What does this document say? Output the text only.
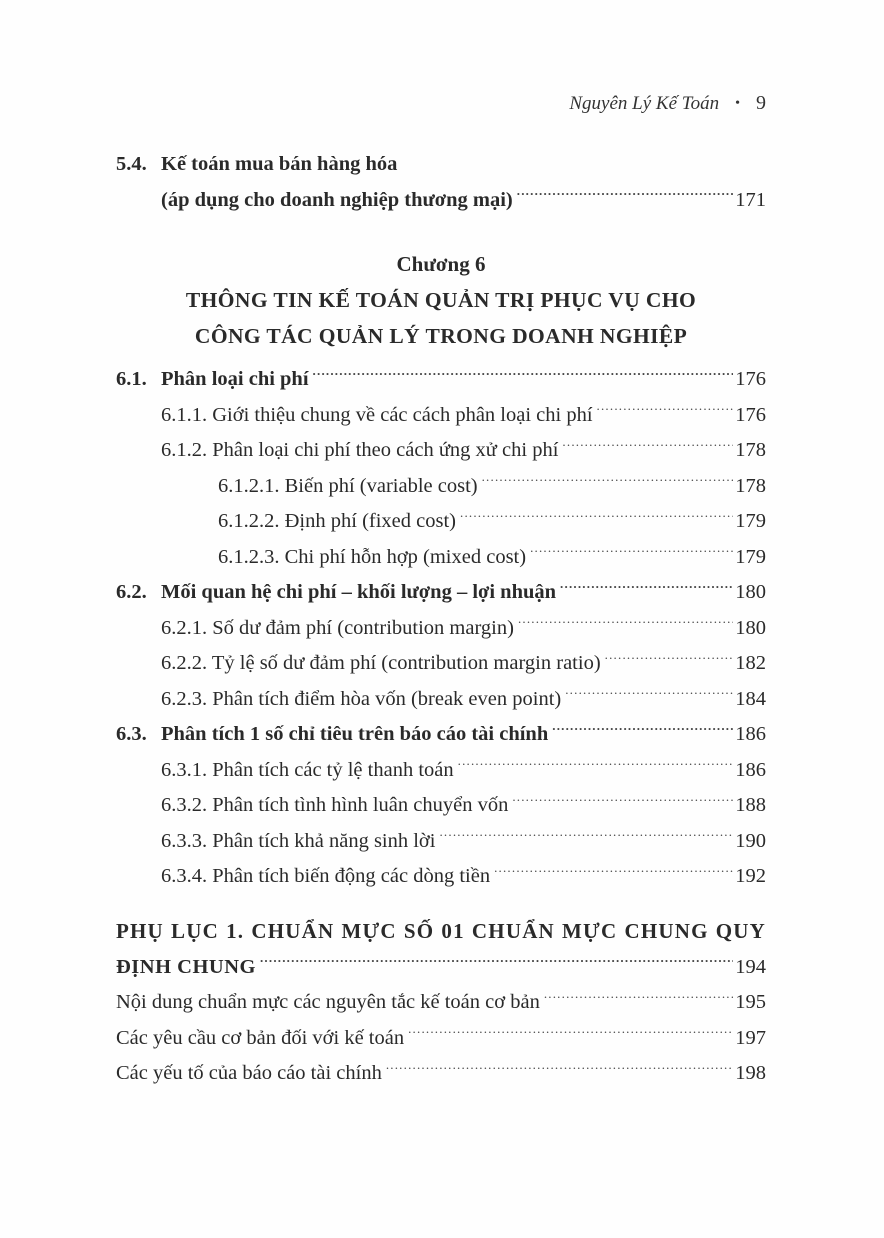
Nguyên Lý Kế Toán • 9
5.4. Kế toán mua bán hàng hóa
(áp dụng cho doanh nghiệp thương mại) .....	171
Chương 6
THÔNG TIN KẾ TOÁN QUẢN TRỊ PHỤC VỤ CHO
CÔNG TÁC QUẢN LÝ TRONG DOANH NGHIỆP
6.1. Phân loại chi phí .....	176
6.1.1. Giới thiệu chung về các cách phân loại chi phí .....	176
6.1.2. Phân loại chi phí theo cách ứng xử chi phí .....	178
6.1.2.1. Biến phí (variable cost) .....	178
6.1.2.2. Định phí (fixed cost) .....	179
6.1.2.3. Chi phí hỗn hợp (mixed cost) .....	179
6.2. Mối quan hệ chi phí – khối lượng – lợi nhuận .....	180
6.2.1. Số dư đảm phí (contribution margin) .....	180
6.2.2. Tỷ lệ số dư đảm phí (contribution margin ratio) .....	182
6.2.3. Phân tích điểm hòa vốn (break even point) .....	184
6.3. Phân tích 1 số chỉ tiêu trên báo cáo tài chính .....	186
6.3.1. Phân tích các tỷ lệ thanh toán .....	186
6.3.2. Phân tích tình hình luân chuyển vốn .....	188
6.3.3. Phân tích khả năng sinh lời .....	190
6.3.4. Phân tích biến động các dòng tiền .....	192
PHỤ LỤC 1. CHUẨN MỰC SỐ 01 CHUẨN MỰC CHUNG QUY
ĐỊNH CHUNG .....	194
Nội dung chuẩn mực các nguyên tắc kế toán cơ bản .....	195
Các yêu cầu cơ bản đối với kế toán .....	197
Các yếu tố của báo cáo tài chính .....	198
